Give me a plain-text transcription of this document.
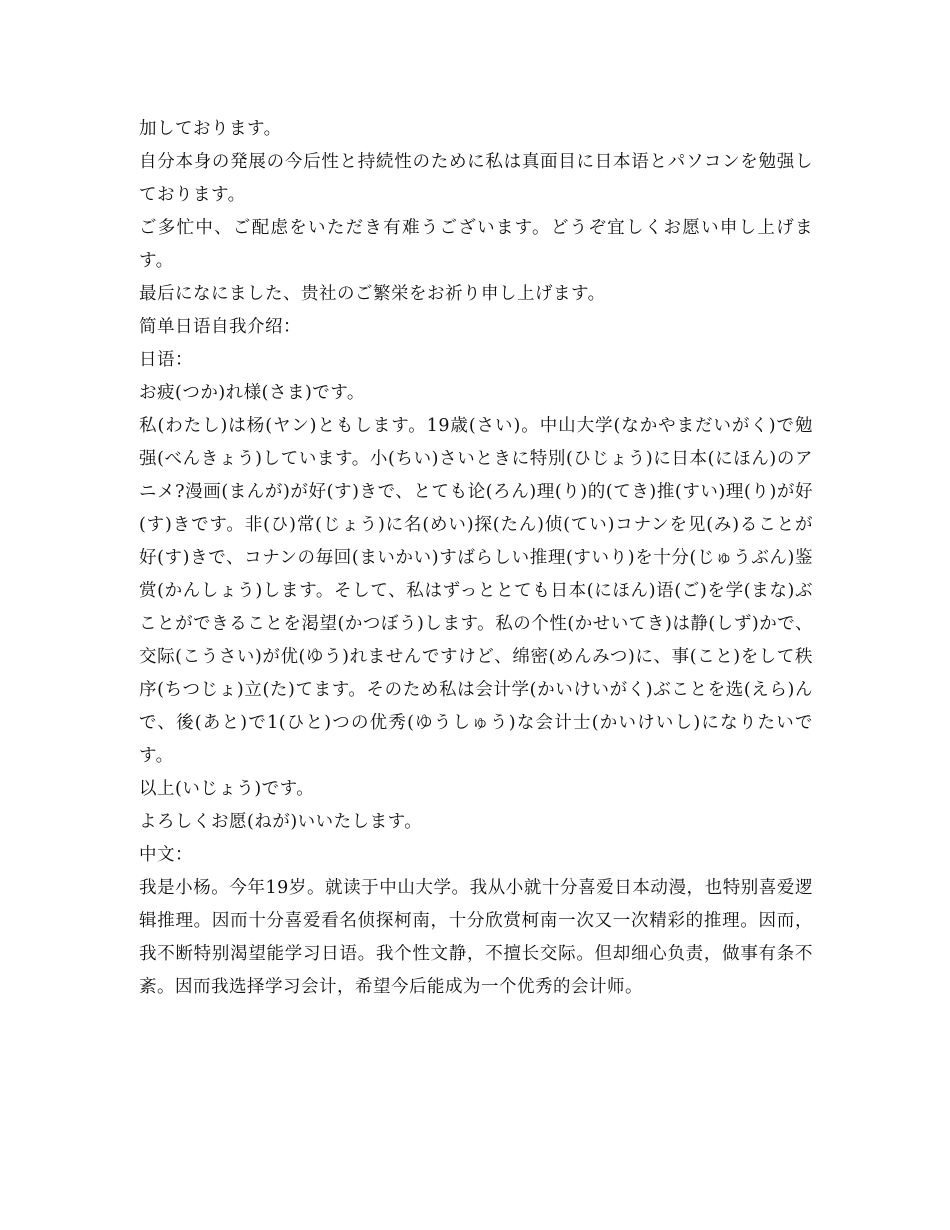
加しております。

自分本身の発展の今后性と持続性のために私は真面目に日本语とパソコンを勉强しております。

ご多忙中、ご配虑をいただき有难うございます。どうぞ宜しくお愿い申し上げます。

最后になにました、贵社のご繁栄をお祈り申し上げます。

简单日语自我介绍：

日语：

お疲(つか)れ様(さま)です。

私(わたし)は杨(ヤン)ともします。19歳(さい)。中山大学(なかやまだいがく)で勉强(べんきょう)しています。小(ちい)さいときに特別(ひじょう)に日本(にほん)のアニメ?漫画(まんが)が好(す)きで、とても论(ろん)理(り)的(てき)推(すい)理(り)が好(す)きです。非(ひ)常(じょう)に名(めい)探(たん)侦(てい)コナンを见(み)ることが好(す)きで、コナンの毎回(まいかい)すばらしい推理(すいり)を十分(じゅうぶん)鉴赏(かんしょう)します。そして、私はずっととても日本(にほん)语(ご)を学(まな)ぶことができることを渇望(かつぼう)します。私の个性(かせいてき)は静(しず)かで、交际(こうさい)が优(ゆう)れませんですけど、绵密(めんみつ)に、事(こと)をして秩序(ちつじょ)立(た)てます。そのため私は会计学(かいけいがく)ぶことを选(えら)んで、後(あと)で1(ひと)つの优秀(ゆうしゅう)な会计士(かいけいし)になりたいです。

以上(いじょう)です。

よろしくお愿(ねが)いいたします。

中文：

我是小杨。今年19岁。就读于中山大学。我从小就十分喜爱日本动漫，也特别喜爱逻辑推理。因而十分喜爱看名侦探柯南，十分欣赏柯南一次又一次精彩的推理。因而，我不断特别渴望能学习日语。我个性文静，不擅长交际。但却细心负责，做事有条不紊。因而我选择学习会计，希望今后能成为一个优秀的会计师。
